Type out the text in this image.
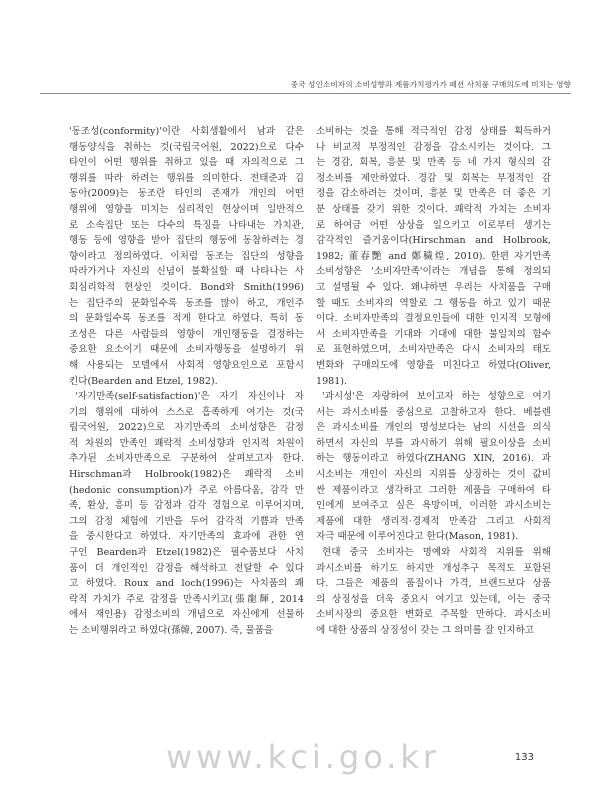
중국 성인소비자의 소비성향과 제품가치평가가 패션 사치품 구매의도에 미치는 영향
'동조성(conformity)'이란 사회생활에서 남과 같은
행동양식을 취하는 것(국립국어원, 2022)으로 다수
타인이 어떤 행위를 취하고 있을 때 자의적으로 그
행위를 따라 하려는 행위를 의미한다. 전태준과 김
동아(2009)는 동조란 타인의 존재가 개인의 어떤
행위에 영향을 미치는 심리적인 현상이며 일반적으
로 소속집단 또는 다수의 특징을 나타내는 가치관,
행동 등에 영향을 받아 집단의 행동에 동참하려는 경
향이라고 정의하였다. 이처럼 동조는 집단의 성향을
따라가거나 자신의 신념이 불확실할 때 나타나는 사
회심리학적 현상인 것이다. Bond와 Smith(1996)
는 집단주의 문화일수록 동조를 많이 하고, 개인주
의 문화일수록 동조를 적게 한다고 하였다. 특히 동
조성은 다른 사람들의 영향이 개인행동을 결정하는
중요한 요소이기 때문에 소비자행동을 설명하기 위
해 사용되는 모델에서 사회적 영향요인으로 포함시
킨다(Bearden and Etzel, 1982).
'자기만족(self-satisfaction)'은 자기 자신이나 자
기의 행위에 대하여 스스로 흡족하게 여기는 것(국
립국어원, 2022)으로 자기만족의 소비성향은 감정
적 차원의 만족인 쾌락적 소비성향과 인지적 차원이
추가된 소비자만족으로 구분하여 살펴보고자 한다.
Hirschman과 Holbrook(1982)은 쾌락적 소비
(hedonic consumption)가 주로 아름다움, 감각 만
족, 환상, 흥미 등 감정과 감각 경험으로 이루어지며,
그의 감정 체험에 기반을 두어 감각적 기쁨과 만족
을 중시한다고 하였다. 자기만족의 효과에 관한 연
구인 Bearden과 Etzel(1982)은 필수품보다 사치
품이 더 개인적인 감정을 해석하고 전달할 수 있다
고 하였다. Roux and loch(1996)는 사치품의 쾌
락적 가치가 주로 감정을 만족시키고(張龍輝, 2014
에서 재인용) 감정소비의 개념으로 자신에게 선물하
는 소비행위라고 하였다(孫韓, 2007). 즉, 물품을
소비하는 것을 통해 적극적인 감정 상태를 획득하거
나 비교적 부정적인 감정을 감소시키는 것이다. 그
는 경감, 회복, 흥분 및 만족 등 네 가지 형식의 감
정소비를 제안하였다. 경감 및 회복는 부정적인 감
정을 감소하려는 것이며, 흥분 및 만족은 더 좋은 기
분 상태를 갖기 위한 것이다. 쾌락적 가치는 소비자
로 하여금 어떤 상상을 일으키고 이로부터 생기는
감각적인 즐거움이다(Hirschman and Holbrook,
1982; 董春艷 and 鄭穢煌, 2010). 한편 자기만족
소비성향은 '소비자만족'이라는 개념을 통해 정의되
고 설명될 수 있다. 왜냐하면 우리는 사치품을 구매
할 때도 소비자의 역할로 그 행동을 하고 있기 때문
이다. 소비자만족의 결정요인들에 대한 인지적 모형에
서 소비자만족을 기대와 기대에 대한 불일치의 함수
로 표현하였으며, 소비자만족은 다시 소비자의 태도
변화와 구매의도에 영향을 미친다고 하였다(Oliver,
1981).
'과시성'은 자랑하여 보이고자 하는 성향으로 여기
서는 과시소비를 중심으로 고찰하고자 한다. 베블렌
은 과시소비를 개인의 명성보다는 남의 시선을 의식
하면서 자신의 부를 과시하기 위해 필요이상을 소비
하는 행동이라고 하였다(ZHANG XIN, 2016). 과
시소비는 개인이 자신의 지위를 상징하는 것이 값비
싼 제품이라고 생각하고 그러한 제품을 구매하여 타
인에게 보여주고 싶은 욕망이며, 이러한 과시소비는
제품에 대한 생리적·경제적 만족감 그리고 사회적
자극 때문에 이루어진다고 한다(Mason, 1981).
현대 중국 소비자는 명예와 사회적 지위를 위해
과시소비를 하기도 하지만 개성추구 목적도 포함된
다. 그들은 제품의 품질이나 가격, 브랜드보다 상품
의 상징성을 더욱 중요시 여기고 있는데, 이는 중국
소비시장의 중요한 변화로 주목할 만하다. 과시소비
에 대한 상품의 상징성이 갖는 그 의미를 잘 인지하고
www.kci.go.kr	133
